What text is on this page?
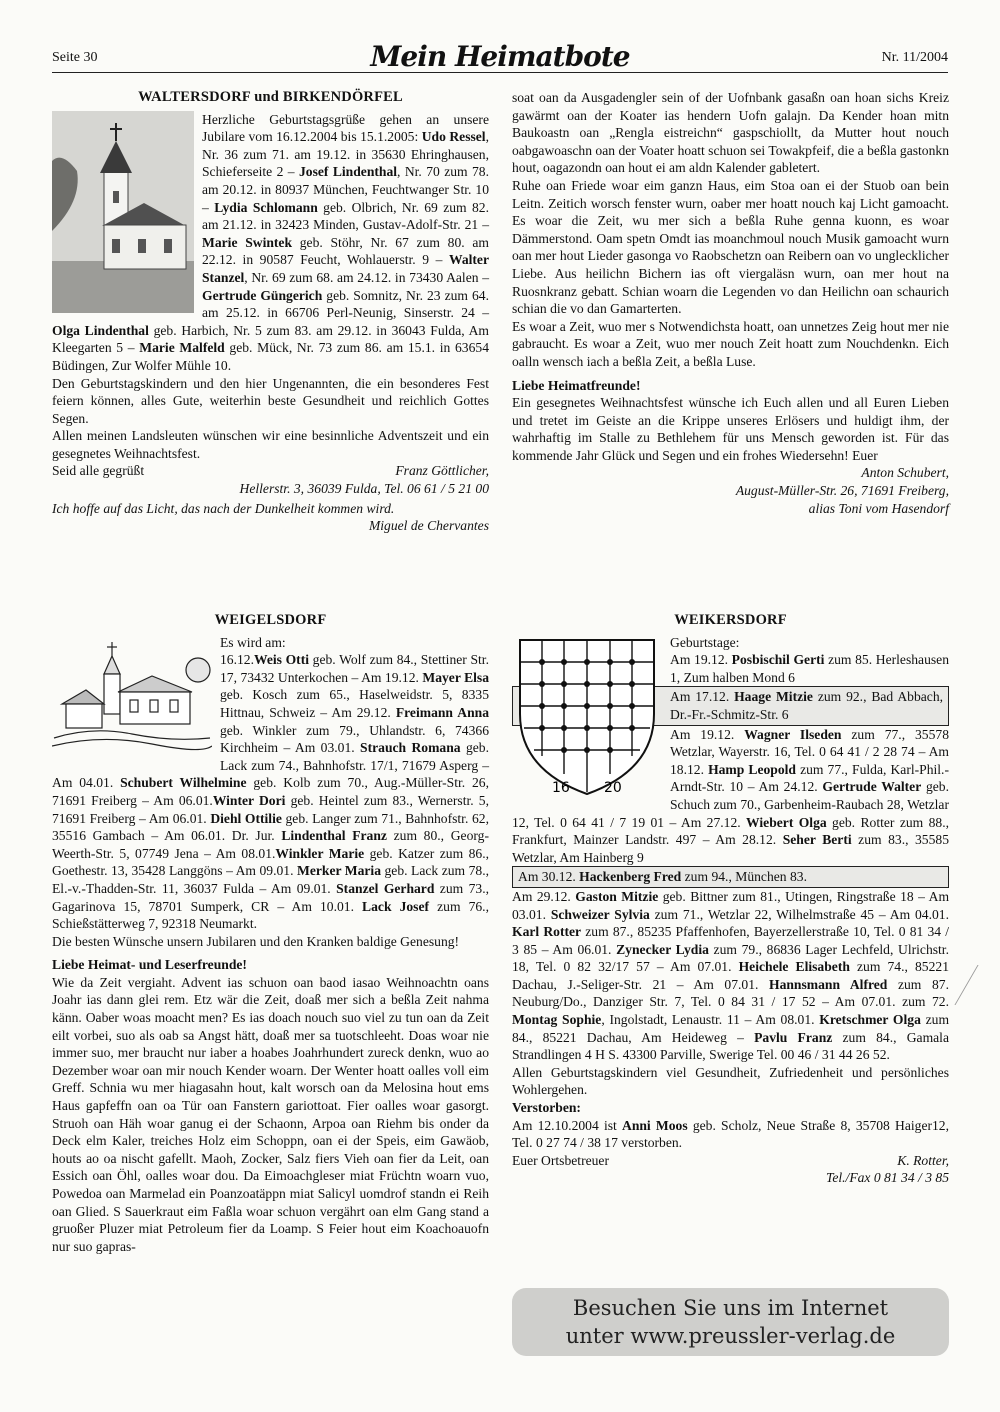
Seite 30	Mein Heimatbote	Nr. 11/2004
WALTERSDORF und BIRKENDÖRFEL

Herzliche Geburtstagsgrüße gehen an unsere Jubilare vom 16.12.2004 bis 15.1.2005: Udo Ressel, Nr. 36 zum 71. am 19.12. in 35630 Ehringhausen, Schieferseite 2 – Josef Lindenthal, Nr. 70 zum 78. am 20.12. in 80937 München, Feuchtwanger Str. 10 – Lydia Schlomann geb. Olbrich, Nr. 69 zum 82. am 21.12. in 32423 Minden, Gustav-Adolf-Str. 21 – Marie Swintek geb. Stöhr, Nr. 67 zum 80. am 22.12. in 90587 Feucht, Wohlauerstr. 9 – Walter Stanzel, Nr. 69 zum 68. am 24.12. in 73430 Aalen – Gertrude Güngerich geb. Somnitz, Nr. 23 zum 64. am 25.12. in 66706 Perl-Neunig, Sinserstr. 24 – Olga Lindenthal geb. Harbich, Nr. 5 zum 83. am 29.12. in 36043 Fulda, Am Kleegarten 5 – Marie Malfeld geb. Mück, Nr. 73 zum 86. am 15.1. in 63654 Büdingen, Zur Wolfer Mühle 10.

Den Geburtstagskindern und den hier Ungenannten, die ein besonderes Fest feiern können, alles Gute, weiterhin beste Gesundheit und reichlich Gottes Segen.

Allen meinen Landsleuten wünschen wir eine besinnliche Adventszeit und ein gesegnetes Weihnachtsfest.

Seid alle gegrüßt	Franz Göttlicher,

Hellerstr. 3, 36039 Fulda, Tel. 06 61 / 5 21 00

Ich hoffe auf das Licht, das nach der Dunkelheit kommen wird.

Miguel de Chervantes

WEIGELSDORF

Es wird am:

16.12.Weis Otti geb. Wolf zum 84., Stettiner Str. 17, 73432 Unterkochen – Am 19.12. Mayer Elsa geb. Kosch zum 65., Haselweidstr. 5, 8335 Hittnau, Schweiz – Am 29.12. Freimann Anna geb. Winkler zum 79., Uhlandstr. 6, 74366 Kirchheim – Am 03.01. Strauch Romana geb. Lack zum 74., Bahnhofstr. 17/1, 71679 Asperg – Am 04.01. Schubert Wilhelmine geb. Kolb zum 70., Aug.-Müller-Str. 26, 71691 Freiberg – Am 06.01.Winter Dori geb. Heintel zum 83., Wernerstr. 5, 71691 Freiberg – Am 06.01. Diehl Ottilie geb. Langer zum 71., Bahnhofstr. 62, 35516 Gambach – Am 06.01. Dr. Jur. Lindenthal Franz zum 80., Georg-Weerth-Str. 5, 07749 Jena – Am 08.01.Winkler Marie geb. Katzer zum 86., Goethestr. 13, 35428 Langgöns – Am 09.01. Merker Maria geb. Lack zum 78., El.-v.-Thadden-Str. 11, 36037 Fulda – Am 09.01. Stanzel Gerhard zum 73., Gagarinova 15, 78701 Sumperk, CR – Am 10.01. Lack Josef zum 76., Schießstätterweg 7, 92318 Neumarkt.

Die besten Wünsche unsern Jubilaren und den Kranken baldige Genesung!

Liebe Heimat- und Leserfreunde!

Wie da Zeit vergiaht. Advent ias schuon oan baod iasao Weihnoachtn oans Joahr ias dann glei rem. Etz wär die Zeit, doaß mer sich a beßla Zeit nahma känn. Oaber woas moacht men? Es ias doach nouch suo viel zu tun oan da Zeit eilt vorbei, suo als oab sa Angst hätt, doaß mer sa tuotschleeht. Doas woar nie immer suo, mer braucht nur iaber a hoabes Joahrhundert zureck denkn, wuo ao Dezember woar oan mir nouch Kender woarn. Der Wenter hoatt oalles voll eim Greff. Schnia wu mer hiagasahn hout, kalt worsch oan da Melosina hout ems Haus gapfeffn oan oa Tür oan Fanstern gariottoat. Fier oalles woar gasorgt. Struoh oan Häh woar ganug ei der Schaonn, Arpoa oan Riehm bis onder da Deck elm Kaler, treiches Holz eim Schoppn, oan ei der Speis, eim Gawäob, houts ao oa nischt gafellt. Maoh, Zocker, Salz fiers Vieh oan fier da Leit, oan Essich oan Öhl, oalles woar dou. Da Eimoachgleser miat Früchtn woarn vuo, Powedoa oan Marmelad ein Poanzoatäppn miat Salicyl uomdrof standn ei Reih oan Glied. S Sauerkraut eim Faßla woar schuon vergährt oan elm Gang stand a gruoßer Pluzer miat Petroleum fier da Loamp. S Feier hout eim Koachoauofn nur suo gapras-

soat oan da Ausgadengler sein of der Uofnbank gasaßn oan hoan sichs Kreiz gawärmt oan der Koater ias hendern Uofn galajn. Da Kender hoan mitn Baukoastn oan „Rengla eistreichn“ gaspschiollt, da Mutter hout nouch oabgawoaschn oan der Voater hoatt schuon sei Towakpfeif, die a beßla gastonkn hout, oagazondn oan hout ei am aldn Kalender gabletert.

Ruhe oan Friede woar eim ganzn Haus, eim Stoa oan ei der Stuob oan bein Leitn. Zeitich worsch fenster wurn, oaber mer hoatt nouch kaj Licht gamoacht. Es woar die Zeit, wu mer sich a beßla Ruhe genna kuonn, es woar Dämmerstond. Oam spetn Omdt ias moanchmoul nouch Musik gamoacht wurn oan mer hout Lieder gasonga vo Raobschetzn oan Reibern oan vo unglecklicher Liebe. Aus heilichn Bichern ias oft viergaläsn wurn, oan mer hout na Ruosnkranz gebatt. Schian woarn die Legenden vo dan Heilichn oan schaurich schian die vo dan Gamarterten.

Es woar a Zeit, wuo mer s Notwendichsta hoatt, oan unnetzes Zeig hout mer nie gabraucht. Es woar a Zeit, wuo mer nouch Zeit hoatt zum Nouchdenkn. Eich oalln wensch iach a beßla Zeit, a beßla Luse.

Liebe Heimatfreunde!

Ein gesegnetes Weihnachtsfest wünsche ich Euch allen und all Euren Lieben und tretet im Geiste an die Krippe unseres Erlösers und huldigt ihm, der wahrhaftig im Stalle zu Bethlehem für uns Mensch geworden ist. Für das kommende Jahr Glück und Segen und ein frohes Wiedersehn! Euer

Anton Schubert,

August-Müller-Str. 26, 71691 Freiberg,

alias Toni vom Hasendorf

WEIKERSDORF
16 20

Geburtstage:

Am 19.12. Posbischil Gerti zum 85. Herleshausen 1, Zum halben Mond 6

Am 17.12. Haage Mitzie zum 92., Bad Abbach, Dr.-Fr.-Schmitz-Str. 6

Am 19.12. Wagner Ilseden zum 77., 35578 Wetzlar, Wayerstr. 16, Tel. 0 64 41 / 2 28 74 – Am 18.12. Hamp Leopold zum 77., Fulda, Karl-Phil.-Arndt-Str. 10 – Am 24.12. Gertrude Walter geb. Schuch zum 70., Garbenheim-Raubach 28, Wetzlar 12, Tel. 0 64 41 / 7 19 01 – Am 27.12. Wiebert Olga geb. Rotter zum 88., Frankfurt, Mainzer Landstr. 497 – Am 28.12. Seher Berti zum 83., 35585 Wetzlar, Am Hainberg 9

Am 30.12. Hackenberg Fred zum 94., München 83.

Am 29.12. Gaston Mitzie geb. Bittner zum 81., Utingen, Ringstraße 18 – Am 03.01. Schweizer Sylvia zum 71., Wetzlar 22, Wilhelmstraße 45 – Am 04.01. Karl Rotter zum 87., 85235 Pfaffenhofen, Bayerzellerstraße 10, Tel. 0 81 34 / 3 85 – Am 06.01. Zynecker Lydia zum 79., 86836 Lager Lechfeld, Ulrichstr. 18, Tel. 0 82 32/17 57 – Am 07.01. Heichele Elisabeth zum 74., 85221 Dachau, J.-Seliger-Str. 21 – Am 07.01. Hannsmann Alfred zum 87. Neuburg/Do., Danziger Str. 7, Tel. 0 84 31 / 17 52 – Am 07.01. zum 72. Montag Sophie, Ingolstadt, Lenaustr. 11 – Am 08.01. Kretschmer Olga zum 84., 85221 Dachau, Am Heideweg – Pavlu Franz zum 84., Gamala Strandlingen 4 H S. 43300 Parville, Swerige Tel. 00 46 / 31 44 26 52.

Allen Geburtstagskindern viel Gesundheit, Zufriedenheit und persönliches Wohlergehen.

Verstorben:

Am 12.10.2004 ist Anni Moos geb. Scholz, Neue Straße 8, 35708 Haiger12, Tel. 0 27 74 / 38 17 verstorben.

Euer Ortsbetreuer	K. Rotter,

Tel./Fax 0 81 34 / 3 85

Besuchen Sie uns im Internet
unter www.preussler-verlag.de
